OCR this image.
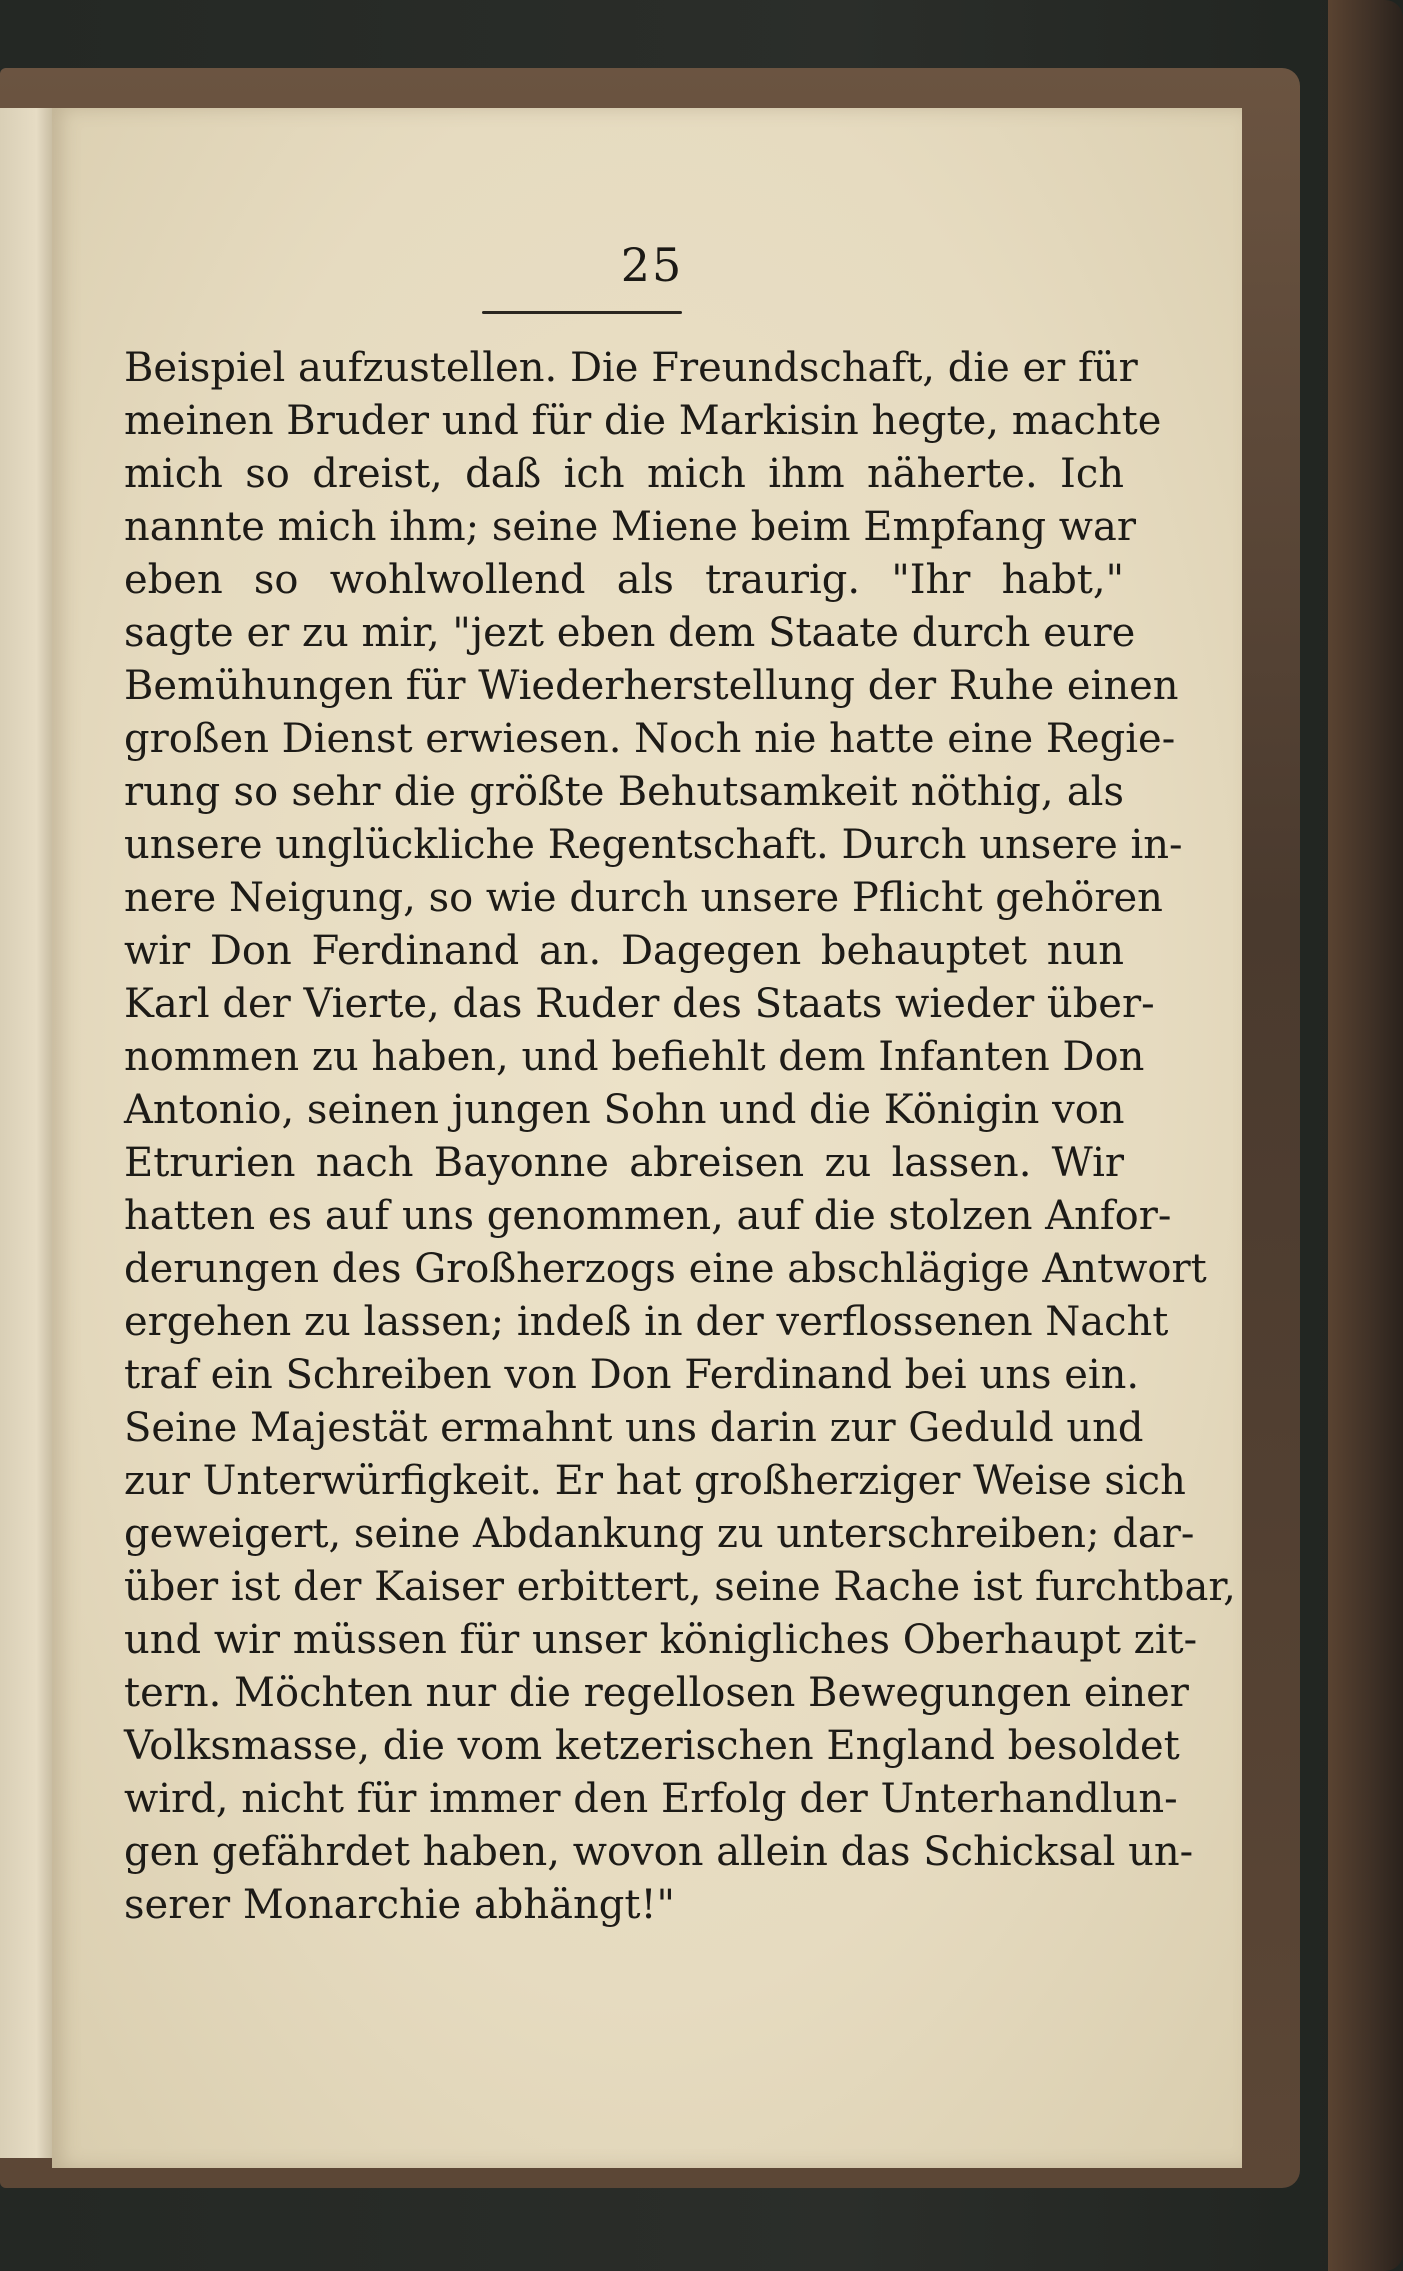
25
Beispiel aufzustellen. Die Freundschaft, die er für
meinen Bruder und für die Markisin hegte, machte
mich so dreist, daß ich mich ihm näherte. Ich
nannte mich ihm; seine Miene beim Empfang war
eben so wohlwollend als traurig. "Ihr habt,"
sagte er zu mir, "jezt eben dem Staate durch eure
Bemühungen für Wiederherstellung der Ruhe einen
großen Dienst erwiesen. Noch nie hatte eine Regie-
rung so sehr die größte Behutsamkeit nöthig, als
unsere unglückliche Regentschaft. Durch unsere in-
nere Neigung, so wie durch unsere Pflicht gehören
wir Don Ferdinand an. Dagegen behauptet nun
Karl der Vierte, das Ruder des Staats wieder über-
nommen zu haben, und befiehlt dem Infanten Don
Antonio, seinen jungen Sohn und die Königin von
Etrurien nach Bayonne abreisen zu lassen. Wir
hatten es auf uns genommen, auf die stolzen Anfor-
derungen des Großherzogs eine abschlägige Antwort
ergehen zu lassen; indeß in der verflossenen Nacht
traf ein Schreiben von Don Ferdinand bei uns ein.
Seine Majestät ermahnt uns darin zur Geduld und
zur Unterwürfigkeit. Er hat großherziger Weise sich
geweigert, seine Abdankung zu unterschreiben; dar-
über ist der Kaiser erbittert, seine Rache ist furchtbar,
und wir müssen für unser königliches Oberhaupt zit-
tern. Möchten nur die regellosen Bewegungen einer
Volksmasse, die vom ketzerischen England besoldet
wird, nicht für immer den Erfolg der Unterhandlun-
gen gefährdet haben, wovon allein das Schicksal un-
serer Monarchie abhängt!"
